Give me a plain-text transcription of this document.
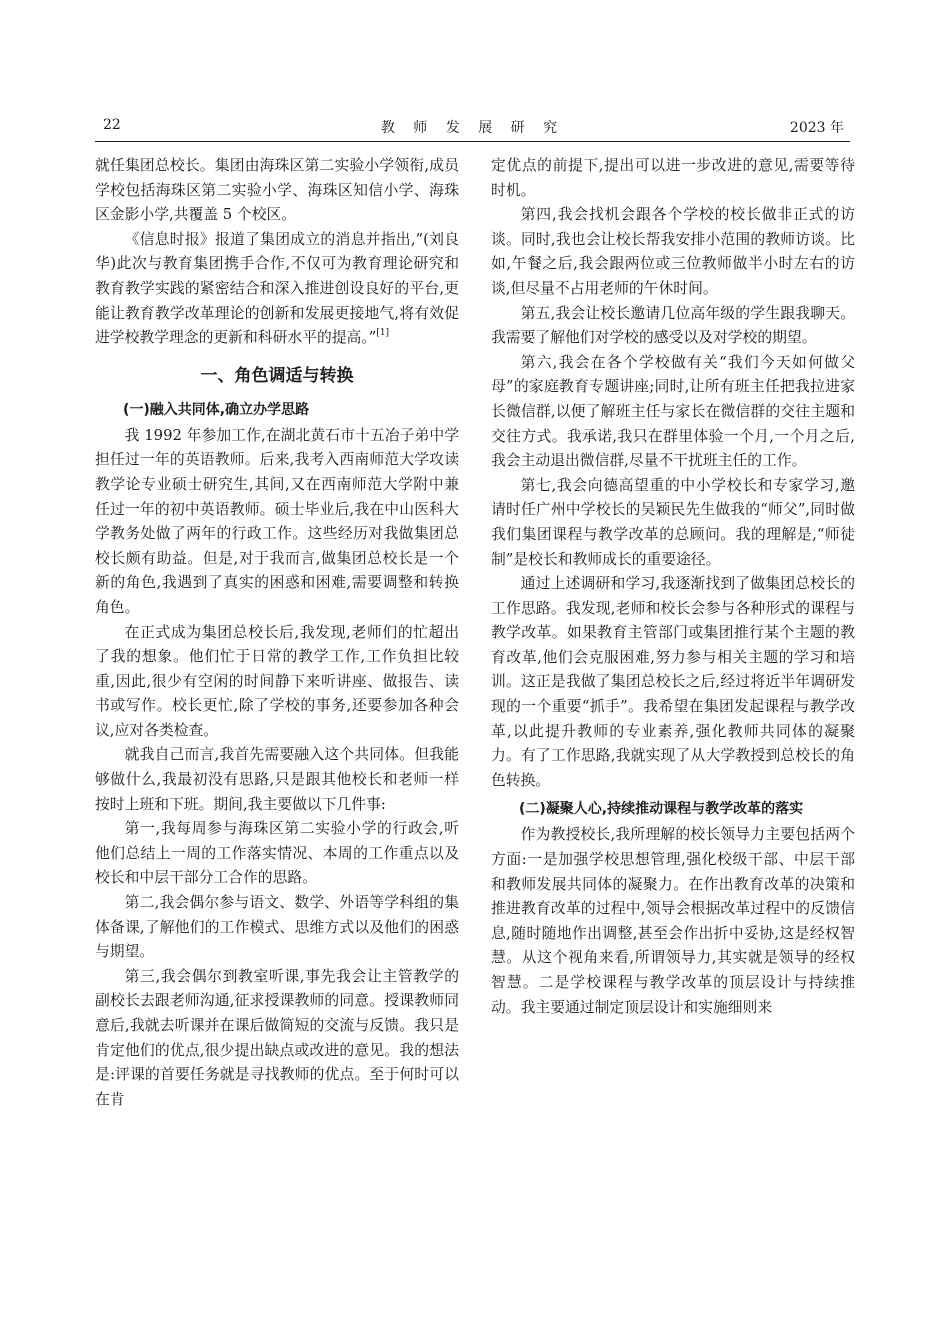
22	教 师 发 展 研 究	2023 年

就任集团总校长。集团由海珠区第二实验小学领衔,成员学校包括海珠区第二实验小学、海珠区知信小学、海珠区金影小学,共覆盖 5 个校区。

《信息时报》报道了集团成立的消息并指出,“(刘良华)此次与教育集团携手合作,不仅可为教育理论研究和教育教学实践的紧密结合和深入推进创设良好的平台,更能让教育教学改革理论的创新和发展更接地气,将有效促进学校教学理念的更新和科研水平的提高。”[1]

一、角色调适与转换
(一)融入共同体,确立办学思路

我 1992 年参加工作,在湖北黄石市十五冶子弟中学担任过一年的英语教师。后来,我考入西南师范大学攻读教学论专业硕士研究生,其间,又在西南师范大学附中兼任过一年的初中英语教师。硕士毕业后,我在中山医科大学教务处做了两年的行政工作。这些经历对我做集团总校长颇有助益。但是,对于我而言,做集团总校长是一个新的角色,我遇到了真实的困惑和困难,需要调整和转换角色。

在正式成为集团总校长后,我发现,老师们的忙超出了我的想象。他们忙于日常的教学工作,工作负担比较重,因此,很少有空闲的时间静下来听讲座、做报告、读书或写作。校长更忙,除了学校的事务,还要参加各种会议,应对各类检查。

就我自己而言,我首先需要融入这个共同体。但我能够做什么,我最初没有思路,只是跟其他校长和老师一样按时上班和下班。期间,我主要做以下几件事:

第一,我每周参与海珠区第二实验小学的行政会,听他们总结上一周的工作落实情况、本周的工作重点以及校长和中层干部分工合作的思路。

第二,我会偶尔参与语文、数学、外语等学科组的集体备课,了解他们的工作模式、思维方式以及他们的困惑与期望。

第三,我会偶尔到教室听课,事先我会让主管教学的副校长去跟老师沟通,征求授课教师的同意。授课教师同意后,我就去听课并在课后做简短的交流与反馈。我只是肯定他们的优点,很少提出缺点或改进的意见。我的想法是:评课的首要任务就是寻找教师的优点。至于何时可以在肯

定优点的前提下,提出可以进一步改进的意见,需要等待时机。

第四,我会找机会跟各个学校的校长做非正式的访谈。同时,我也会让校长帮我安排小范围的教师访谈。比如,午餐之后,我会跟两位或三位教师做半小时左右的访谈,但尽量不占用老师的午休时间。

第五,我会让校长邀请几位高年级的学生跟我聊天。我需要了解他们对学校的感受以及对学校的期望。

第六,我会在各个学校做有关“我们今天如何做父母”的家庭教育专题讲座;同时,让所有班主任把我拉进家长微信群,以便了解班主任与家长在微信群的交往主题和交往方式。我承诺,我只在群里体验一个月,一个月之后,我会主动退出微信群,尽量不干扰班主任的工作。

第七,我会向德高望重的中小学校长和专家学习,邀请时任广州中学校长的吴颖民先生做我的“师父”,同时做我们集团课程与教学改革的总顾问。我的理解是,“师徒制”是校长和教师成长的重要途径。

通过上述调研和学习,我逐渐找到了做集团总校长的工作思路。我发现,老师和校长会参与各种形式的课程与教学改革。如果教育主管部门或集团推行某个主题的教育改革,他们会克服困难,努力参与相关主题的学习和培训。这正是我做了集团总校长之后,经过将近半年调研发现的一个重要“抓手”。我希望在集团发起课程与教学改革,以此提升教师的专业素养,强化教师共同体的凝聚力。有了工作思路,我就实现了从大学教授到总校长的角色转换。

(二)凝聚人心,持续推动课程与教学改革的落实

作为教授校长,我所理解的校长领导力主要包括两个方面:一是加强学校思想管理,强化校级干部、中层干部和教师发展共同体的凝聚力。在作出教育改革的决策和推进教育改革的过程中,领导会根据改革过程中的反馈信息,随时随地作出调整,甚至会作出折中妥协,这是经权智慧。从这个视角来看,所谓领导力,其实就是领导的经权智慧。二是学校课程与教学改革的顶层设计与持续推动。我主要通过制定顶层设计和实施细则来
